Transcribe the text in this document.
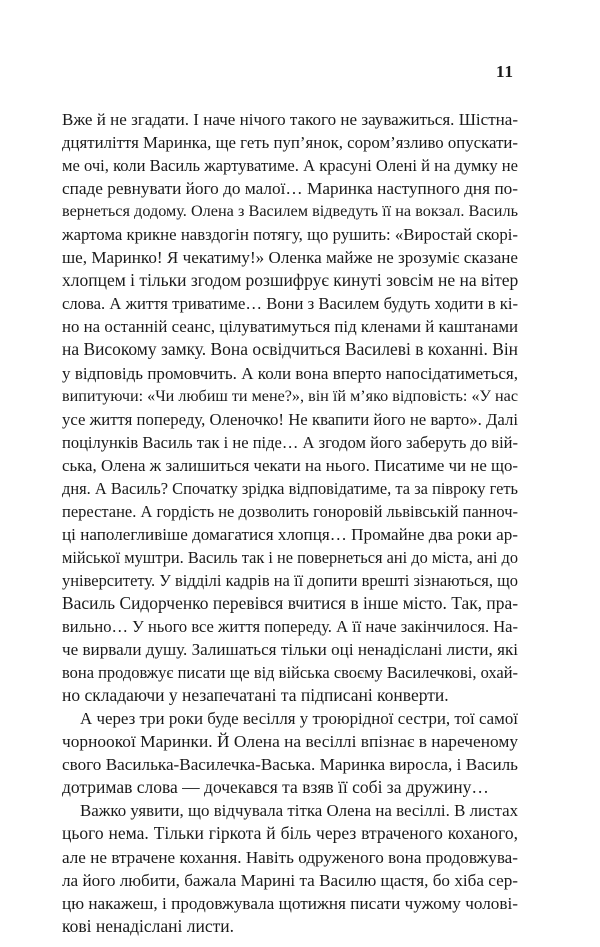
11
Вже й не згадати. І наче нічого такого не зауважиться. Шістна-
дцятиліття Маринка, ще геть пуп’янок, сором’язливо опускати-
ме очі, коли Василь жартуватиме. А красуні Олені й на думку не
спаде ревнувати його до малої… Маринка наступного дня по-
вернеться додому. Олена з Василем відведуть її на вокзал. Василь
жартома крикне навздогін потягу, що рушить: «Виростай скорі-
ше, Маринко! Я чекатиму!» Оленка майже не зрозуміє сказане
хлопцем і тільки згодом розшифрує кинуті зовсім не на вітер
слова. А життя триватиме… Вони з Василем будуть ходити в кі-
но на останній сеанс, цілуватимуться під кленами й каштанами
на Високому замку. Вона освідчиться Василеві в коханні. Він
у відповідь промовчить. А коли вона вперто напосідатиметься,
випитуючи: «Чи любиш ти мене?», він їй м’яко відповість: «У нас
усе життя попереду, Оленочко! Не квапити його не варто». Далі
поцілунків Василь так і не піде… А згодом його заберуть до вій-
ська, Олена ж залишиться чекати на нього. Писатиме чи не що-
дня. А Василь? Спочатку зрідка відповідатиме, та за півроку геть
перестане. А гордість не дозволить гоноровій львівській панноч-
ці наполегливіше домагатися хлопця… Промайне два роки ар-
мійської муштри. Василь так і не повернеться ані до міста, ані до
університету. У відділі кадрів на її допити врешті зізнаються, що
Василь Сидорченко перевівся вчитися в інше місто. Так, пра-
вильно… У нього все життя попереду. А її наче закінчилося. На-
че вирвали душу. Залишаться тільки оці ненадіслані листи, які
вона продовжує писати ще від війська своєму Василечкові, охай-
но складаючи у незапечатані та підписані конверти.
А через три роки буде весілля у троюрідної сестри, тої самої
чорноокої Маринки. Й Олена на весіллі впізнає в нареченому
свого Василька-Василечка-Васька. Маринка виросла, і Василь
дотримав слова — дочекався та взяв її собі за дружину…
Важко уявити, що відчувала тітка Олена на весіллі. В листах
цього нема. Тільки гіркота й біль через втраченого коханого,
але не втрачене кохання. Навіть одруженого вона продовжува-
ла його любити, бажала Марині та Василю щастя, бо хіба сер-
цю накажеш, і продовжувала щотижня писати чужому чолові-
кові ненадіслані листи.
